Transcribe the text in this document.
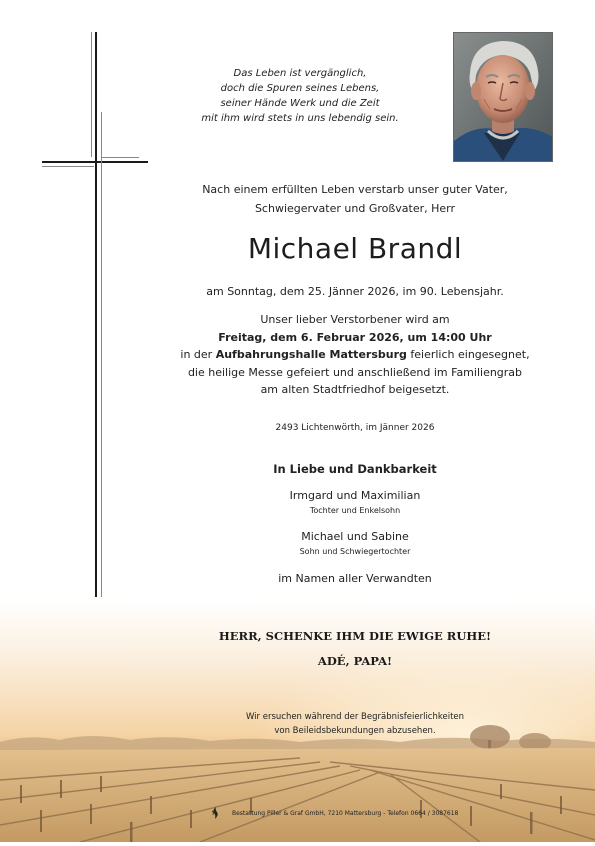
Das Leben ist vergänglich,
doch die Spuren seines Lebens,
seiner Hände Werk und die Zeit
mit ihm wird stets in uns lebendig sein.
Nach einem erfüllten Leben verstarb unser guter Vater,
Schwiegervater und Großvater, Herr
Michael Brandl
am Sonntag, dem 25. Jänner 2026, im 90. Lebensjahr.
Unser lieber Verstorbener wird am
Freitag, dem 6. Februar 2026, um 14:00 Uhr
in der Aufbahrungshalle Mattersburg feierlich eingesegnet,
die heilige Messe gefeiert und anschließend im Familiengrab
am alten Stadtfriedhof beigesetzt.
2493 Lichtenwörth, im Jänner 2026
In Liebe und Dankbarkeit
Irmgard und Maximilian
Tochter und Enkelsohn
Michael und Sabine
Sohn und Schwiegertochter
im Namen aller Verwandten
HERR, SCHENKE IHM DIE EWIGE RUHE!
ADÉ, PAPA!
Wir ersuchen während der Begräbnisfeierlichkeiten
von Beileidsbekundungen abzusehen.
Bestattung Piller & Graf GmbH, 7210 Mattersburg - Telefon 0664 / 3087618
